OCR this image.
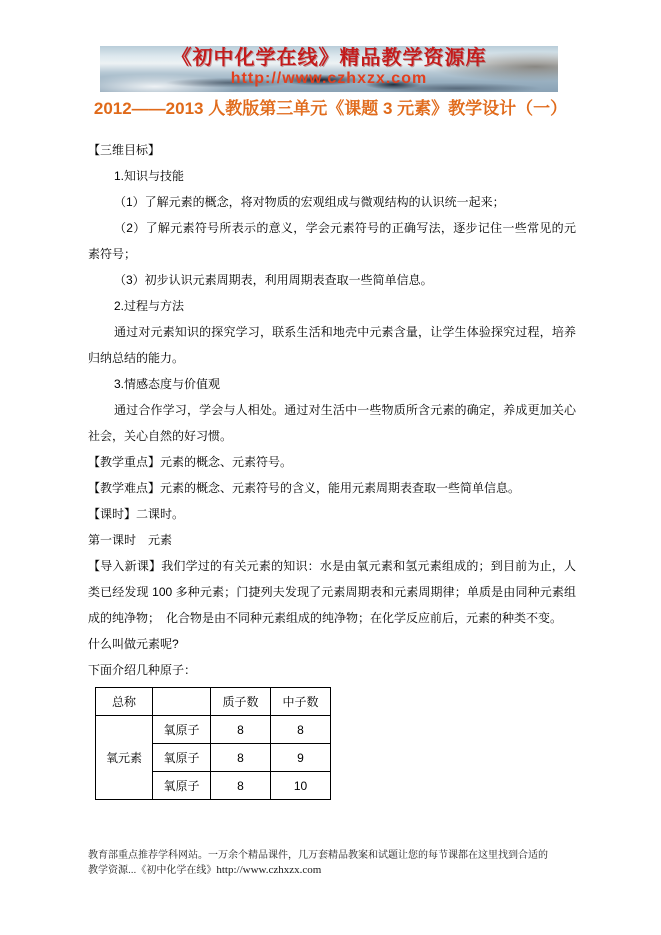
《初中化学在线》精品教学资源库
http://www.czhxzx.com
2012——2013 人教版第三单元《课题 3 元素》教学设计（一）

【三维目标】

1.知识与技能

（1）了解元素的概念，将对物质的宏观组成与微观结构的认识统一起来；

（2）了解元素符号所表示的意义，学会元素符号的正确写法，逐步记住一些常见的元素符号；

（3）初步认识元素周期表，利用周期表查取一些简单信息。

2.过程与方法

通过对元素知识的探究学习，联系生活和地壳中元素含量，让学生体验探究过程，培养归纳总结的能力。

3.情感态度与价值观

通过合作学习，学会与人相处。通过对生活中一些物质所含元素的确定，养成更加关心社会，关心自然的好习惯。

【教学重点】元素的概念、元素符号。

【教学难点】元素的概念、元素符号的含义，能用元素周期表查取一些简单信息。

【课时】二课时。

第一课时　元素

【导入新课】我们学过的有关元素的知识：水是由氧元素和氢元素组成的；到目前为止，人类已经发现 100 多种元素；门捷列夫发现了元素周期表和元素周期律；单质是由同种元素组成的纯净物；　化合物是由不同种元素组成的纯净物；在化学反应前后，元素的种类不变。

什么叫做元素呢?

下面介绍几种原子：

总称		质子数	中子数
氧元素	氧原子	8	8
	氧原子	8	9
	氧原子	8	10
教育部重点推荐学科网站。一万余个精品课件，几万套精品教案和试题让您的每节课都在这里找到合适的
教学资源...《初中化学在线》http://www.czhxzx.com
